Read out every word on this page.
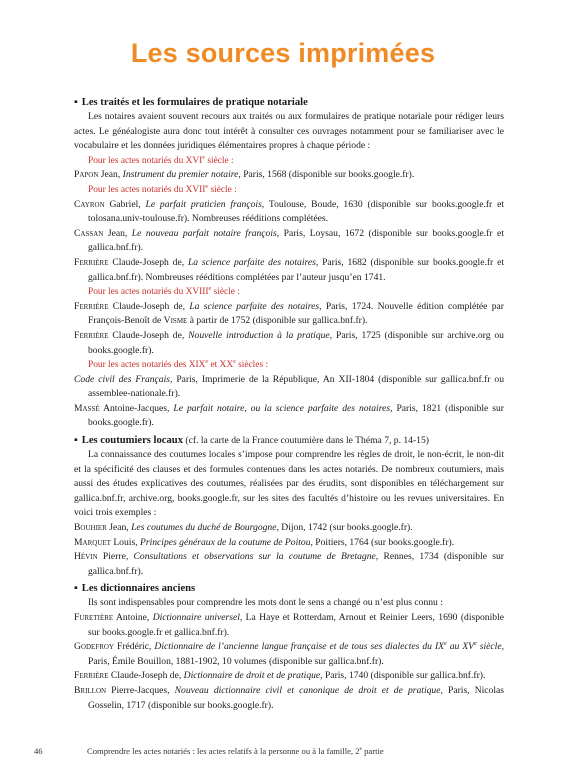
Les sources imprimées

▪ Les traités et les formulaires de pratique notariale

Les notaires avaient souvent recours aux traités ou aux formulaires de pratique notariale pour rédiger leurs actes. Le généalogiste aura donc tout intérêt à consulter ces ouvrages notamment pour se familiariser avec le vocabulaire et les données juridiques élémentaires propres à chaque période :

Pour les actes notariés du XVIe siècle :

Papon Jean, Instrument du premier notaire, Paris, 1568 (disponible sur books.google.fr).

Pour les actes notariés du XVIIe siècle :

Cayron Gabriel, Le parfait praticien françois, Toulouse, Boude, 1630 (disponible sur books.google.fr et tolosana.univ-toulouse.fr). Nombreuses rééditions complétées.

Cassan Jean, Le nouveau parfait notaire françois, Paris, Loysau, 1672 (disponible sur books.google.fr et gallica.bnf.fr).

Ferrière Claude-Joseph de, La science parfaite des notaires, Paris, 1682 (disponible sur books.google.fr et gallica.bnf.fr). Nombreuses rééditions complétées par l’auteur jusqu’en 1741.

Pour les actes notariés du XVIIIe siècle :

Ferrière Claude-Joseph de, La science parfaite des notaires, Paris, 1724. Nouvelle édition complétée par François-Benoît de Visme à partir de 1752 (disponible sur gallica.bnf.fr).

Ferrière Claude-Joseph de, Nouvelle introduction à la pratique, Paris, 1725 (disponible sur archive.org ou books.google.fr).

Pour les actes notariés des XIXe et XXe siècles :

Code civil des Français, Paris, Imprimerie de la République, An XII-1804 (disponible sur gallica.bnf.fr ou assemblee-nationale.fr).

Massé Antoine-Jacques, Le parfait notaire, ou la science parfaite des notaires, Paris, 1821 (disponible sur books.google.fr).

▪ Les coutumiers locaux (cf. la carte de la France coutumière dans le Théma 7, p. 14-15)

La connaissance des coutumes locales s’impose pour comprendre les règles de droit, le non-écrit, le non-dit et la spécificité des clauses et des formules contenues dans les actes notariés. De nombreux coutumiers, mais aussi des études explicatives des coutumes, réalisées par des érudits, sont disponibles en téléchargement sur gallica.bnf.fr, archive.org, books.google.fr, sur les sites des facultés d’histoire ou les revues universitaires. En voici trois exemples :

Bouhier Jean, Les coutumes du duché de Bourgogne, Dijon, 1742 (sur books.google.fr).

Marquet Louis, Principes généraux de la coutume de Poitou, Poitiers, 1764 (sur books.google.fr).

Hévin Pierre, Consultations et observations sur la coutume de Bretagne, Rennes, 1734 (disponible sur gallica.bnf.fr).

▪ Les dictionnaires anciens

Ils sont indispensables pour comprendre les mots dont le sens a changé ou n’est plus connu :

Furetière Antoine, Dictionnaire universel, La Haye et Rotterdam, Arnout et Reinier Leers, 1690 (disponible sur books.google.fr et gallica.bnf.fr).

Godefroy Frédéric, Dictionnaire de l’ancienne langue française et de tous ses dialectes du IXe au XVe siècle, Paris, Émile Bouillon, 1881-1902, 10 volumes (disponible sur gallica.bnf.fr).

Ferrière Claude-Joseph de, Dictionnaire de droit et de pratique, Paris, 1740 (disponible sur gallica.bnf.fr).

Brillon Pierre-Jacques, Nouveau dictionnaire civil et canonique de droit et de pratique, Paris, Nicolas Gosselin, 1717 (disponible sur books.google.fr).

46	Comprendre les actes notariés : les actes relatifs à la personne ou à la famille, 2e partie
